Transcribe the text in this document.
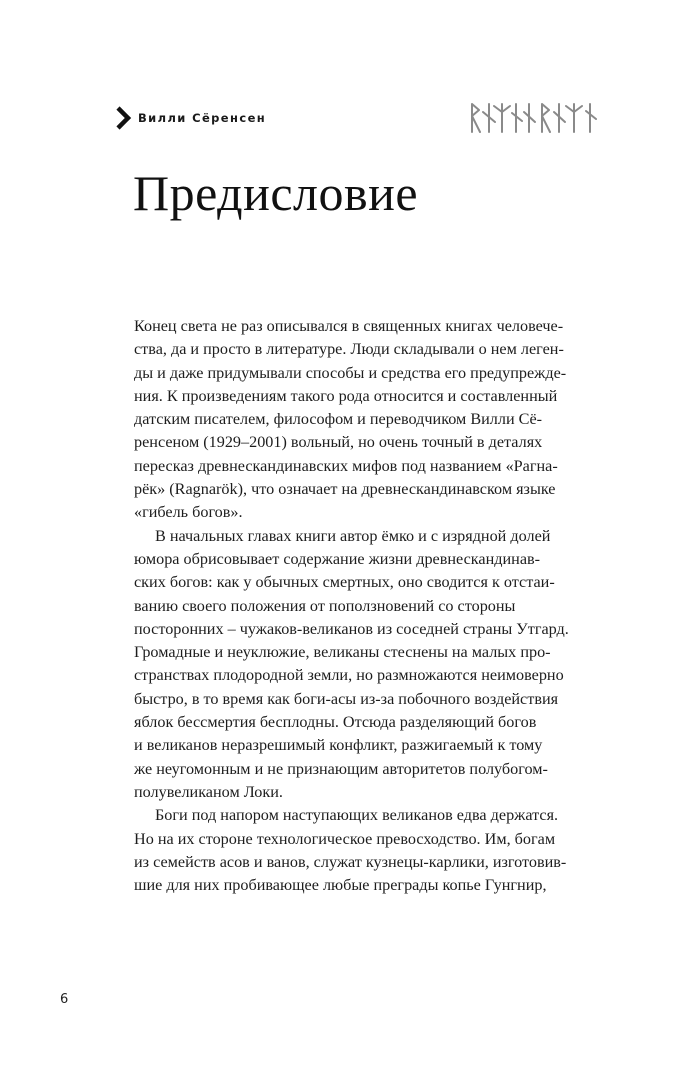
Вилли Сёренсен
Предисловие
Конец света не раз описывался в священных книгах человече-
ства, да и просто в литературе. Люди складывали о нем леген-
ды и даже придумывали способы и средства его предупрежде-
ния. К произведениям такого рода относится и составленный
датским писателем, философом и переводчиком Вилли Сё-
ренсеном (1929–2001) вольный, но очень точный в деталях
пересказ древнескандинавских мифов под названием «Рагна-
рёк» (Ragnarök), что означает на древнескандинавском языке
«гибель богов».
В начальных главах книги автор ёмко и с изрядной долей
юмора обрисовывает содержание жизни древнескандинав-
ских богов: как у обычных смертных, оно сводится к отстаи-
ванию своего положения от поползновений со стороны
посторонних – чужаков-великанов из соседней страны Утгард.
Громадные и неуклюжие, великаны стеснены на малых про-
странствах плодородной земли, но размножаются неимоверно
быстро, в то время как боги-асы из-за побочного воздействия
яблок бессмертия бесплодны. Отсюда разделяющий богов
и великанов неразрешимый конфликт, разжигаемый к тому
же неугомонным и не признающим авторитетов полубогом-
полувеликаном Локи.
Боги под напором наступающих великанов едва держатся.
Но на их стороне технологическое превосходство. Им, богам
из семейств асов и ванов, служат кузнецы-карлики, изготовив-
шие для них пробивающее любые преграды копье Гунгнир,
6
